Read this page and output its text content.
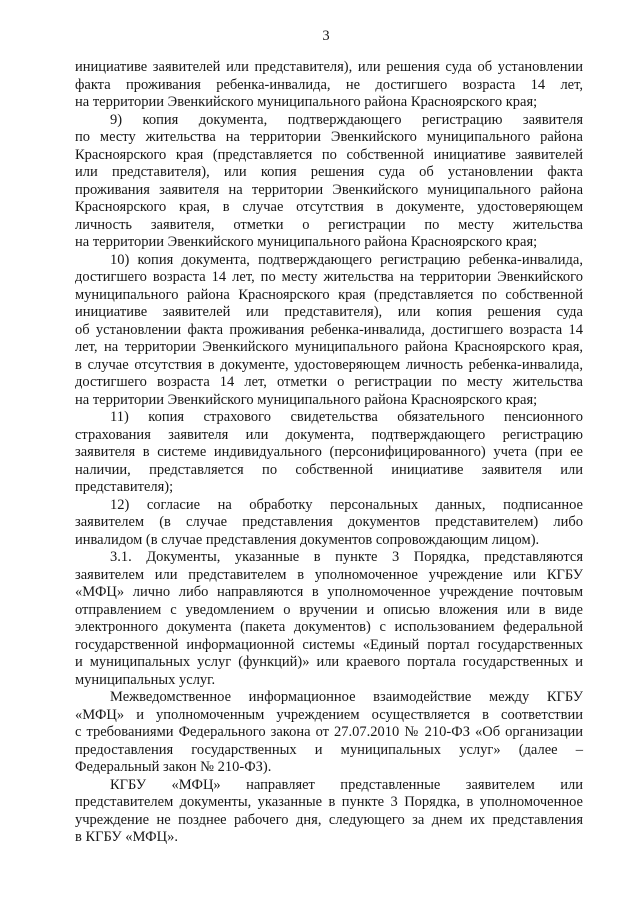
3
инициативе заявителей или представителя), или решения суда об установлении
факта проживания ребенка-инвалида, не достигшего возраста 14 лет,
на территории Эвенкийского муниципального района Красноярского края;
9) копия документа, подтверждающего регистрацию заявителя
по месту жительства на территории Эвенкийского муниципального района
Красноярского края (представляется по собственной инициативе заявителей
или представителя), или копия решения суда об установлении факта
проживания заявителя на территории Эвенкийского муниципального района
Красноярского края, в случае отсутствия в документе, удостоверяющем
личность заявителя, отметки о регистрации по месту жительства
на территории Эвенкийского муниципального района Красноярского края;
10) копия документа, подтверждающего регистрацию ребенка-инвалида,
достигшего возраста 14 лет, по месту жительства на территории Эвенкийского
муниципального района Красноярского края (представляется по собственной
инициативе заявителей или представителя), или копия решения суда
об установлении факта проживания ребенка-инвалида, достигшего возраста 14
лет, на территории Эвенкийского муниципального района Красноярского края,
в случае отсутствия в документе, удостоверяющем личность ребенка-инвалида,
достигшего возраста 14 лет, отметки о регистрации по месту жительства
на территории Эвенкийского муниципального района Красноярского края;
11) копия страхового свидетельства обязательного пенсионного
страхования заявителя или документа, подтверждающего регистрацию
заявителя в системе индивидуального (персонифицированного) учета (при ее
наличии, представляется по собственной инициативе заявителя или
представителя);
12) согласие на обработку персональных данных, подписанное
заявителем (в случае представления документов представителем) либо
инвалидом (в случае представления документов сопровождающим лицом).
3.1. Документы, указанные в пункте 3 Порядка, представляются
заявителем или представителем в уполномоченное учреждение или КГБУ
«МФЦ» лично либо направляются в уполномоченное учреждение почтовым
отправлением с уведомлением о вручении и описью вложения или в виде
электронного документа (пакета документов) с использованием федеральной
государственной информационной системы «Единый портал государственных
и муниципальных услуг (функций)» или краевого портала государственных и
муниципальных услуг.
Межведомственное информационное взаимодействие между КГБУ
«МФЦ» и уполномоченным учреждением осуществляется в соответствии
с требованиями Федерального закона от 27.07.2010 № 210-ФЗ «Об организации
предоставления государственных и муниципальных услуг» (далее –
Федеральный закон № 210-ФЗ).
КГБУ «МФЦ» направляет представленные заявителем или
представителем документы, указанные в пункте 3 Порядка, в уполномоченное
учреждение не позднее рабочего дня, следующего за днем их представления
в КГБУ «МФЦ».
